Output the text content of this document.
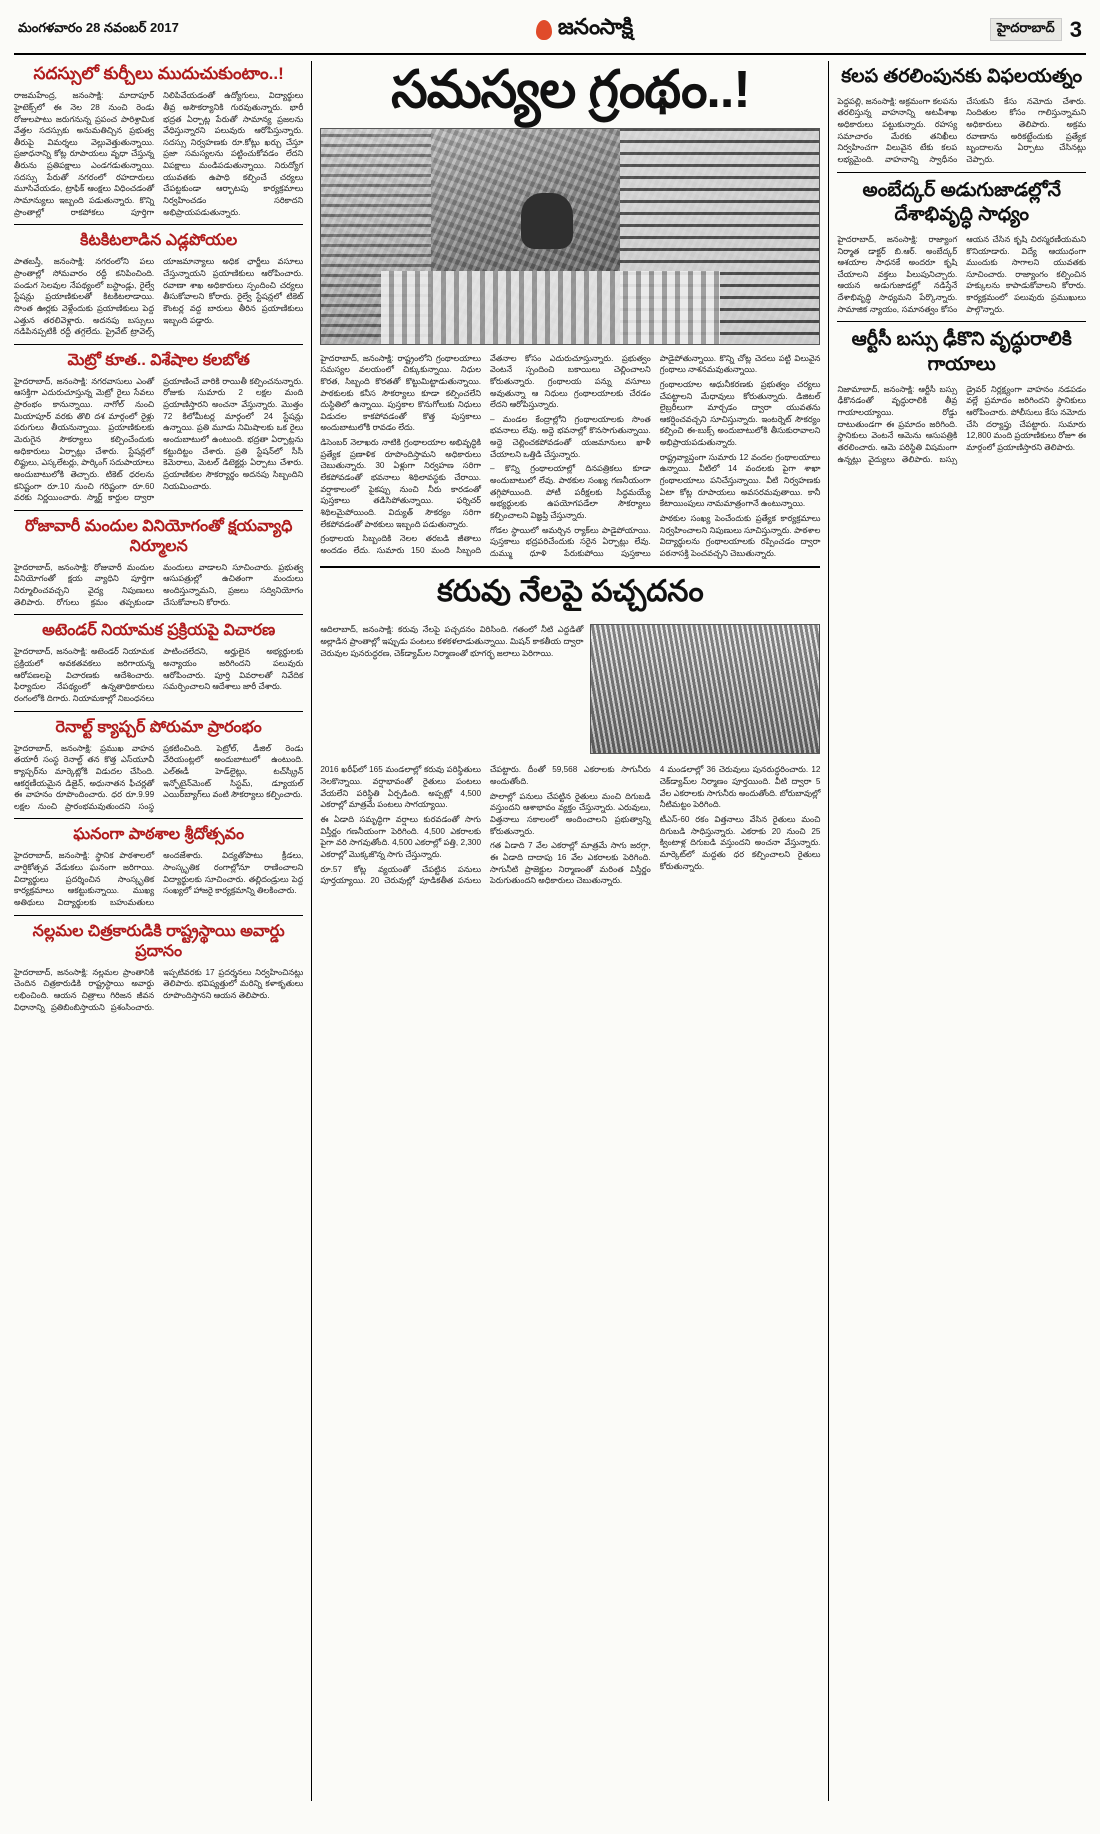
మంగళవారం 28 నవంబర్ 2017	జనంసాక్షి	హైదరాబాద్ 3
సదస్సులో కుర్చీలు ముదుచుకుంటాం..!
రాజమహేంద్ర, జనంసాక్షి: మాదాపూర్ హైటెక్స్‌లో ఈ నెల 28 నుంచి రెండు రోజులపాటు జరుగనున్న ప్రపంచ పారిశ్రామిక వేత్తల సదస్సుకు అనుమతిచ్చిన ప్రభుత్వ తీరుపై విమర్శలు వెల్లువెత్తుతున్నాయి. ప్రజాధనాన్ని కోట్ల రూపాయలు వృధా చేస్తున్న తీరును ప్రతిపక్షాలు ఎండగడుతున్నాయి. సదస్సు పేరుతో నగరంలో రహదారులు మూసివేయడం, ట్రాఫిక్ ఆంక్షలు విధించడంతో సామాన్యులు ఇబ్బంది పడుతున్నారు. కొన్ని ప్రాంతాల్లో రాకపోకలు పూర్తిగా నిలిపివేయడంతో ఉద్యోగులు, విద్యార్థులు తీవ్ర అసౌకర్యానికి గురవుతున్నారు. భారీ భద్రత ఏర్పాట్ల పేరుతో సామాన్య ప్రజలను వేధిస్తున్నారని పలువురు ఆరోపిస్తున్నారు. సదస్సు నిర్వహణకు రూ.కోట్లు ఖర్చు చేస్తూ ప్రజా సమస్యలను పట్టించుకోవడం లేదని విపక్షాలు మండిపడుతున్నాయి. నిరుద్యోగ యువతకు ఉపాధి కల్పించే చర్యలు చేపట్టకుండా ఆర్భాటపు కార్యక్రమాలు నిర్వహించడం సరికాదని అభిప్రాయపడుతున్నారు.
కిటకిటలాడిన ఎడ్లపోయల
పాతబస్తీ, జనంసాక్షి: నగరంలోని పలు ప్రాంతాల్లో సోమవారం రద్దీ కనిపించింది. పండుగ సెలవుల నేపథ్యంలో బస్టాండ్లు, రైల్వే స్టేషన్లు ప్రయాణికులతో కిటకిటలాడాయి. సొంత ఊర్లకు వెళ్లేందుకు ప్రయాణికులు పెద్ద ఎత్తున తరలివెళ్లారు. అదనపు బస్సులు నడిపినప్పటికీ రద్దీ తగ్గలేదు. ప్రైవేట్ ట్రావెల్స్ యాజమాన్యాలు అధిక ఛార్జీలు వసూలు చేస్తున్నాయని ప్రయాణికులు ఆరోపించారు. రవాణా శాఖ అధికారులు స్పందించి చర్యలు తీసుకోవాలని కోరారు. రైల్వే స్టేషన్లలో టికెట్ కౌంటర్ల వద్ద బారులు తీరిన ప్రయాణికులు ఇబ్బంది పడ్డారు.
మెట్రో కూత.. విశేషాల కలబోత
హైదరాబాద్, జనంసాక్షి: నగరవాసులు ఎంతో ఆసక్తిగా ఎదురుచూస్తున్న మెట్రో రైలు సేవలు ప్రారంభం కానున్నాయి. నాగోల్ నుంచి మియాపూర్ వరకు తొలి దశ మార్గంలో రైళ్లు పరుగులు తీయనున్నాయి. ప్రయాణికులకు మెరుగైన సౌకర్యాలు కల్పించేందుకు అధికారులు ఏర్పాట్లు చేశారు. స్టేషన్లలో లిఫ్టులు, ఎస్కలేటర్లు, పార్కింగ్ సదుపాయాలు అందుబాటులోకి తెచ్చారు. టికెట్ ధరలను కనిష్టంగా రూ.10 నుంచి గరిష్టంగా రూ.60 వరకు నిర్ణయించారు. స్మార్ట్ కార్డుల ద్వారా ప్రయాణించే వారికి రాయితీ కల్పించనున్నారు. రోజుకు సుమారు 2 లక్షల మంది ప్రయాణిస్తారని అంచనా వేస్తున్నారు. మొత్తం 72 కిలోమీటర్ల మార్గంలో 24 స్టేషన్లు ఉన్నాయి. ప్రతి మూడు నిమిషాలకు ఒక రైలు అందుబాటులో ఉంటుంది. భద్రతా ఏర్పాట్లను కట్టుదిట్టం చేశారు. ప్రతి స్టేషన్‌లో సీసీ కెమెరాలు, మెటల్ డిటెక్టర్లు ఏర్పాటు చేశారు. ప్రయాణికుల సౌకర్యార్థం అదనపు సిబ్బందిని నియమించారు.
రోజావారీ మందుల వినియోగంతో క్షయవ్యాధి నిర్మూలన
హైదరాబాద్, జనంసాక్షి: రోజువారీ మందుల వినియోగంతో క్షయ వ్యాధిని పూర్తిగా నిర్మూలించవచ్చని వైద్య నిపుణులు తెలిపారు. రోగులు క్రమం తప్పకుండా మందులు వాడాలని సూచించారు. ప్రభుత్వ ఆసుపత్రుల్లో ఉచితంగా మందులు అందిస్తున్నామని, ప్రజలు సద్వినియోగం చేసుకోవాలని కోరారు.
అటెండర్ నియామక ప్రక్రియపై విచారణ
హైదరాబాద్, జనంసాక్షి: అటెండర్ నియామక ప్రక్రియలో అవకతవకలు జరిగాయన్న ఆరోపణలపై విచారణకు ఆదేశించారు. ఫిర్యాదుల నేపథ్యంలో ఉన్నతాధికారులు రంగంలోకి దిగారు. నియామకాల్లో నిబంధనలు పాటించలేదని, అర్హులైన అభ్యర్థులకు అన్యాయం జరిగిందని పలువురు ఆరోపించారు. పూర్తి వివరాలతో నివేదిక సమర్పించాలని ఆదేశాలు జారీ చేశారు.
రెనాల్ట్ క్యాప్చర్ పోరుమా ప్రారంభం
హైదరాబాద్, జనంసాక్షి: ప్రముఖ వాహన తయారీ సంస్థ రెనాల్ట్ తన కొత్త ఎస్‌యూవీ క్యాప్చర్‌ను మార్కెట్లోకి విడుదల చేసింది. ఆకర్షణీయమైన డిజైన్, అధునాతన ఫీచర్లతో ఈ వాహనం రూపొందించారు. ధర రూ.9.99 లక్షల నుంచి ప్రారంభమవుతుందని సంస్థ ప్రకటించింది. పెట్రోల్, డీజిల్ రెండు వేరియంట్లలో అందుబాటులో ఉంటుంది. ఎల్‌ఈడీ హెడ్‌లైట్లు, టచ్‌స్క్రీన్ ఇన్ఫోటైన్‌మెంట్ సిస్టమ్, డ్యూయల్ ఎయిర్‌బ్యాగ్‌లు వంటి సౌకర్యాలు కల్పించారు.
ఘనంగా పాఠశాల శ్రీదోత్సవం
హైదరాబాద్, జనంసాక్షి: స్థానిక పాఠశాలలో వార్షికోత్సవ వేడుకలు ఘనంగా జరిగాయి. విద్యార్థులు ప్రదర్శించిన సాంస్కృతిక కార్యక్రమాలు ఆకట్టుకున్నాయి. ముఖ్య అతిథులు విద్యార్థులకు బహుమతులు అందజేశారు. విద్యతోపాటు క్రీడలు, సాంస్కృతిక రంగాల్లోనూ రాణించాలని విద్యార్థులకు సూచించారు. తల్లిదండ్రులు పెద్ద సంఖ్యలో హాజరై కార్యక్రమాన్ని తిలకించారు.
నల్లమల చిత్రకారుడికి రాష్ట్రస్థాయి అవార్డు ప్రదానం
హైదరాబాద్, జనంసాక్షి: నల్లమల ప్రాంతానికి చెందిన చిత్రకారుడికి రాష్ట్రస్థాయి అవార్డు లభించింది. ఆయన చిత్రాలు గిరిజన జీవన విధానాన్ని ప్రతిబింబిస్తాయని ప్రశంసించారు. ఇప్పటివరకు 17 ప్రదర్శనలు నిర్వహించినట్లు తెలిపారు. భవిష్యత్తులో మరిన్ని కళాకృతులు రూపొందిస్తానని ఆయన తెలిపారు.
సమస్యల గ్రంథం..!

హైదరాబాద్, జనంసాక్షి: రాష్ట్రంలోని గ్రంథాలయాలు సమస్యల వలయంలో చిక్కుకున్నాయి. నిధుల కొరత, సిబ్బంది కొరతతో కొట్టుమిట్టాడుతున్నాయి. పాఠకులకు కనీస సౌకర్యాలు కూడా కల్పించలేని దుస్థితిలో ఉన్నాయి. పుస్తకాల కొనుగోలుకు నిధులు విడుదల కాకపోవడంతో కొత్త పుస్తకాలు అందుబాటులోకి రావడం లేదు.

డిసెంబర్ నెలాఖరు నాటికి గ్రంథాలయాల అభివృద్ధికి ప్రత్యేక ప్రణాళిక రూపొందిస్తామని అధికారులు చెబుతున్నారు. 30 ఏళ్లుగా నిర్వహణ సరిగా లేకపోవడంతో భవనాలు శిథిలావస్థకు చేరాయి. వర్షాకాలంలో పైకప్పు నుంచి నీరు కారడంతో పుస్తకాలు తడిసిపోతున్నాయి. ఫర్నిచర్ శిథిలమైపోయింది. విద్యుత్ సౌకర్యం సరిగా లేకపోవడంతో పాఠకులు ఇబ్బంది పడుతున్నారు.

గ్రంథాలయ సిబ్బందికి నెలల తరబడి జీతాలు అందడం లేదు. సుమారు 150 మంది సిబ్బంది వేతనాల కోసం ఎదురుచూస్తున్నారు. ప్రభుత్వం వెంటనే స్పందించి బకాయిలు చెల్లించాలని కోరుతున్నారు. గ్రంథాలయ పన్ను వసూలు అవుతున్నా ఆ నిధులు గ్రంథాలయాలకు చేరడం లేదని ఆరోపిస్తున్నారు.

– మండల కేంద్రాల్లోని గ్రంథాలయాలకు సొంత భవనాలు లేవు. అద్దె భవనాల్లో కొనసాగుతున్నాయి. అద్దె చెల్లించకపోవడంతో యజమానులు ఖాళీ చేయాలని ఒత్తిడి చేస్తున్నారు.

– కొన్ని గ్రంథాలయాల్లో దినపత్రికలు కూడా అందుబాటులో లేవు. పాఠకుల సంఖ్య గణనీయంగా తగ్గిపోయింది. పోటీ పరీక్షలకు సిద్ధమయ్యే అభ్యర్థులకు ఉపయోగపడేలా సౌకర్యాలు కల్పించాలని విజ్ఞప్తి చేస్తున్నారు.

గోడల స్థాయిలో అమర్చిన ర్యాక్‌లు పాడైపోయాయి. పుస్తకాలు భద్రపరిచేందుకు సరైన ఏర్పాట్లు లేవు. దుమ్ము ధూళి పేరుకుపోయి పుస్తకాలు పాడైపోతున్నాయి. కొన్ని చోట్ల చెదలు పట్టి విలువైన గ్రంథాలు నాశనమవుతున్నాయి.

గ్రంథాలయాల ఆధునీకరణకు ప్రభుత్వం చర్యలు చేపట్టాలని మేధావులు కోరుతున్నారు. డిజిటల్ లైబ్రరీలుగా మార్చడం ద్వారా యువతను ఆకర్షించవచ్చని సూచిస్తున్నారు. ఇంటర్నెట్ సౌకర్యం కల్పించి ఈ-బుక్స్ అందుబాటులోకి తీసుకురావాలని అభిప్రాయపడుతున్నారు.

రాష్ట్రవ్యాప్తంగా సుమారు 12 వందల గ్రంథాలయాలు ఉన్నాయి. వీటిలో 14 వందలకు పైగా శాఖా గ్రంథాలయాలు పనిచేస్తున్నాయి. వీటి నిర్వహణకు ఏటా కోట్ల రూపాయలు అవసరమవుతాయి. కానీ కేటాయింపులు నామమాత్రంగానే ఉంటున్నాయి.

పాఠకుల సంఖ్య పెంచేందుకు ప్రత్యేక కార్యక్రమాలు నిర్వహించాలని నిపుణులు సూచిస్తున్నారు. పాఠశాల విద్యార్థులను గ్రంథాలయాలకు రప్పించడం ద్వారా పఠనాసక్తి పెంచవచ్చని చెబుతున్నారు.

కరువు నేలపై పచ్చదనం

ఆదిలాబాద్, జనంసాక్షి: కరువు నేలపై పచ్చదనం విరిసింది. గతంలో నీటి ఎద్దడితో అల్లాడిన ప్రాంతాల్లో ఇప్పుడు పంటలు కళకళలాడుతున్నాయి. మిషన్ కాకతీయ ద్వారా చెరువుల పునరుద్ధరణ, చెక్‌డ్యామ్‌ల నిర్మాణంతో భూగర్భ జలాలు పెరిగాయి.

2016 ఖరీఫ్‌లో 165 మండలాల్లో కరువు పరిస్థితులు నెలకొన్నాయి. వర్షాభావంతో రైతులు పంటలు వేయలేని పరిస్థితి ఏర్పడింది. అప్పట్లో 4,500 ఎకరాల్లో మాత్రమే పంటలు సాగయ్యాయి.

ఈ ఏడాది సమృద్ధిగా వర్షాలు కురవడంతో సాగు విస్తీర్ణం గణనీయంగా పెరిగింది. 4,500 ఎకరాలకు పైగా వరి సాగవుతోంది. 4,500 ఎకరాల్లో పత్తి, 2,300 ఎకరాల్లో మొక్కజొన్న సాగు చేస్తున్నారు.

రూ.57 కోట్ల వ్యయంతో చేపట్టిన పనులు పూర్తయ్యాయి. 20 చెరువుల్లో పూడికతీత పనులు చేపట్టారు. దీంతో 59,568 ఎకరాలకు సాగునీరు అందుతోంది.

పొలాల్లో పనులు చేపట్టిన రైతులు మంచి దిగుబడి వస్తుందని ఆశాభావం వ్యక్తం చేస్తున్నారు. ఎరువులు, విత్తనాలు సకాలంలో అందించాలని ప్రభుత్వాన్ని కోరుతున్నారు.

గత ఏడాది 7 వేల ఎకరాల్లో మాత్రమే సాగు జరగ్గా, ఈ ఏడాది దాదాపు 16 వేల ఎకరాలకు పెరిగింది. సాగునీటి ప్రాజెక్టుల నిర్మాణంతో మరింత విస్తీర్ణం పెరుగుతుందని అధికారులు చెబుతున్నారు.

4 మండలాల్లో 36 చెరువులు పునరుద్ధరించారు. 12 చెక్‌డ్యామ్‌ల నిర్మాణం పూర్తయింది. వీటి ద్వారా 5 వేల ఎకరాలకు సాగునీరు అందుతోంది. బోరుబావుల్లో నీటిమట్టం పెరిగింది.

టీఎస్-60 రకం విత్తనాలు వేసిన రైతులు మంచి దిగుబడి సాధిస్తున్నారు. ఎకరాకు 20 నుంచి 25 క్వింటాళ్ల దిగుబడి వస్తుందని అంచనా వేస్తున్నారు. మార్కెట్‌లో మద్దతు ధర కల్పించాలని రైతులు కోరుతున్నారు.

కలప తరలింపునకు విఫలయత్నం
పెద్దపల్లి, జనంసాక్షి: అక్రమంగా కలపను తరలిస్తున్న వాహనాన్ని అటవీశాఖ అధికారులు పట్టుకున్నారు. రహస్య సమాచారం మేరకు తనిఖీలు నిర్వహించగా విలువైన టేకు కలప లభ్యమైంది. వాహనాన్ని స్వాధీనం చేసుకుని కేసు నమోదు చేశారు. నిందితుల కోసం గాలిస్తున్నామని అధికారులు తెలిపారు. అక్రమ రవాణాను అరికట్టేందుకు ప్రత్యేక బృందాలను ఏర్పాటు చేసినట్లు చెప్పారు.
అంబేద్కర్ అడుగుజాడల్లోనే దేశాభివృద్ధి సాధ్యం
హైదరాబాద్, జనంసాక్షి: రాజ్యాంగ నిర్మాత డాక్టర్ బి.ఆర్. అంబేద్కర్ ఆశయాల సాధనకే అందరూ కృషి చేయాలని వక్తలు పిలుపునిచ్చారు. ఆయన అడుగుజాడల్లో నడిస్తేనే దేశాభివృద్ధి సాధ్యమని పేర్కొన్నారు. సామాజిక న్యాయం, సమానత్వం కోసం ఆయన చేసిన కృషి చిరస్మరణీయమని కొనియాడారు. విద్యే ఆయుధంగా ముందుకు సాగాలని యువతకు సూచించారు. రాజ్యాంగం కల్పించిన హక్కులను కాపాడుకోవాలని కోరారు. కార్యక్రమంలో పలువురు ప్రముఖులు పాల్గొన్నారు.
ఆర్టీసీ బస్సు ఢీకొని వృద్ధురాలికి గాయాలు
నిజామాబాద్, జనంసాక్షి: ఆర్టీసీ బస్సు ఢీకొనడంతో వృద్ధురాలికి తీవ్ర గాయాలయ్యాయి. రోడ్డు దాటుతుండగా ఈ ప్రమాదం జరిగింది. స్థానికులు వెంటనే ఆమెను ఆసుపత్రికి తరలించారు. ఆమె పరిస్థితి విషమంగా ఉన్నట్లు వైద్యులు తెలిపారు. బస్సు డ్రైవర్ నిర్లక్ష్యంగా వాహనం నడపడం వల్లే ప్రమాదం జరిగిందని స్థానికులు ఆరోపించారు. పోలీసులు కేసు నమోదు చేసి దర్యాప్తు చేపట్టారు. సుమారు 12,800 మంది ప్రయాణికులు రోజూ ఈ మార్గంలో ప్రయాణిస్తారని తెలిపారు.
